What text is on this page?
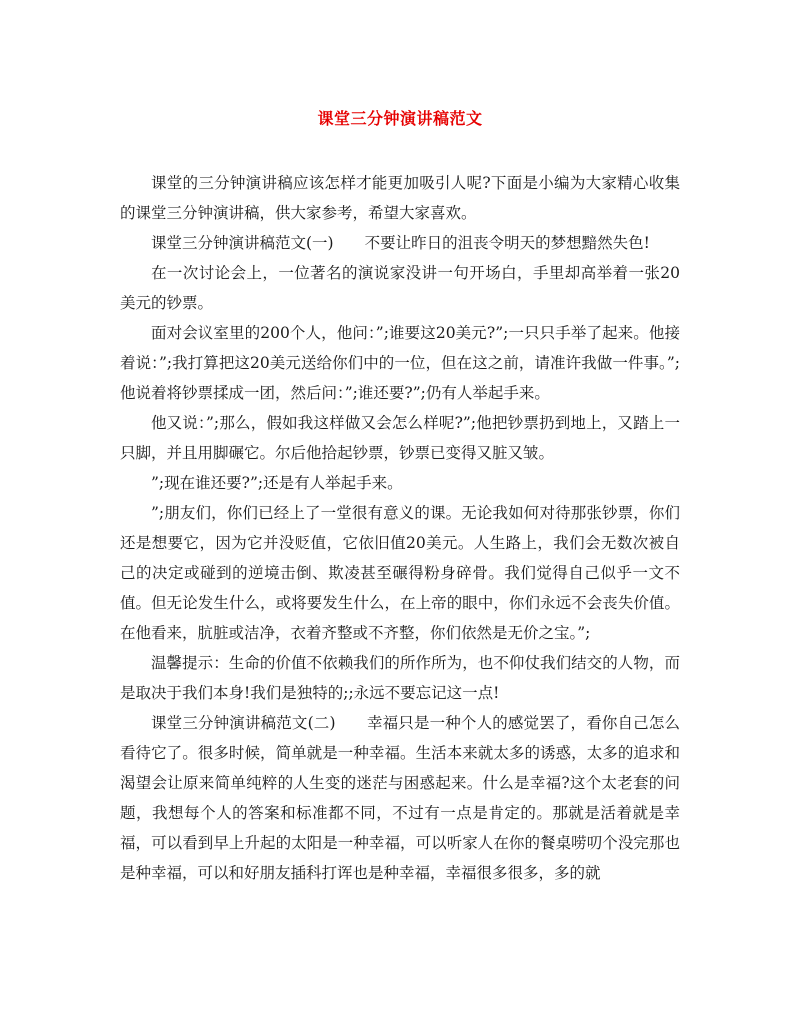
课堂三分钟演讲稿范文

课堂的三分钟演讲稿应该怎样才能更加吸引人呢?下面是小编为大家精心收集的课堂三分钟演讲稿，供大家参考，希望大家喜欢。

课堂三分钟演讲稿范文(一)　　不要让昨日的沮丧令明天的梦想黯然失色!

在一次讨论会上，一位著名的演说家没讲一句开场白，手里却高举着一张20美元的钞票。

面对会议室里的200个人，他问：”;谁要这20美元?”;一只只手举了起来。他接着说：”;我打算把这20美元送给你们中的一位，但在这之前，请准许我做一件事。”;他说着将钞票揉成一团，然后问：”;谁还要?”;仍有人举起手来。

他又说：”;那么，假如我这样做又会怎么样呢?”;他把钞票扔到地上，又踏上一只脚，并且用脚碾它。尔后他拾起钞票，钞票已变得又脏又皱。

”;现在谁还要?”;还是有人举起手来。

”;朋友们，你们已经上了一堂很有意义的课。无论我如何对待那张钞票，你们还是想要它，因为它并没贬值，它依旧值20美元。人生路上，我们会无数次被自己的决定或碰到的逆境击倒、欺凌甚至碾得粉身碎骨。我们觉得自己似乎一文不值。但无论发生什么，或将要发生什么，在上帝的眼中，你们永远不会丧失价值。在他看来，肮脏或洁净，衣着齐整或不齐整，你们依然是无价之宝。”;

温馨提示：生命的价值不依赖我们的所作所为，也不仰仗我们结交的人物，而是取决于我们本身!我们是独特的;;永远不要忘记这一点!

课堂三分钟演讲稿范文(二)　　幸福只是一种个人的感觉罢了，看你自己怎么看待它了。很多时候，简单就是一种幸福。生活本来就太多的诱惑，太多的追求和渴望会让原来简单纯粹的人生变的迷茫与困惑起来。什么是幸福?这个太老套的问题，我想每个人的答案和标准都不同，不过有一点是肯定的。那就是活着就是幸福，可以看到早上升起的太阳是一种幸福，可以听家人在你的餐桌唠叨个没完那也是种幸福，可以和好朋友插科打诨也是种幸福，幸福很多很多，多的就
